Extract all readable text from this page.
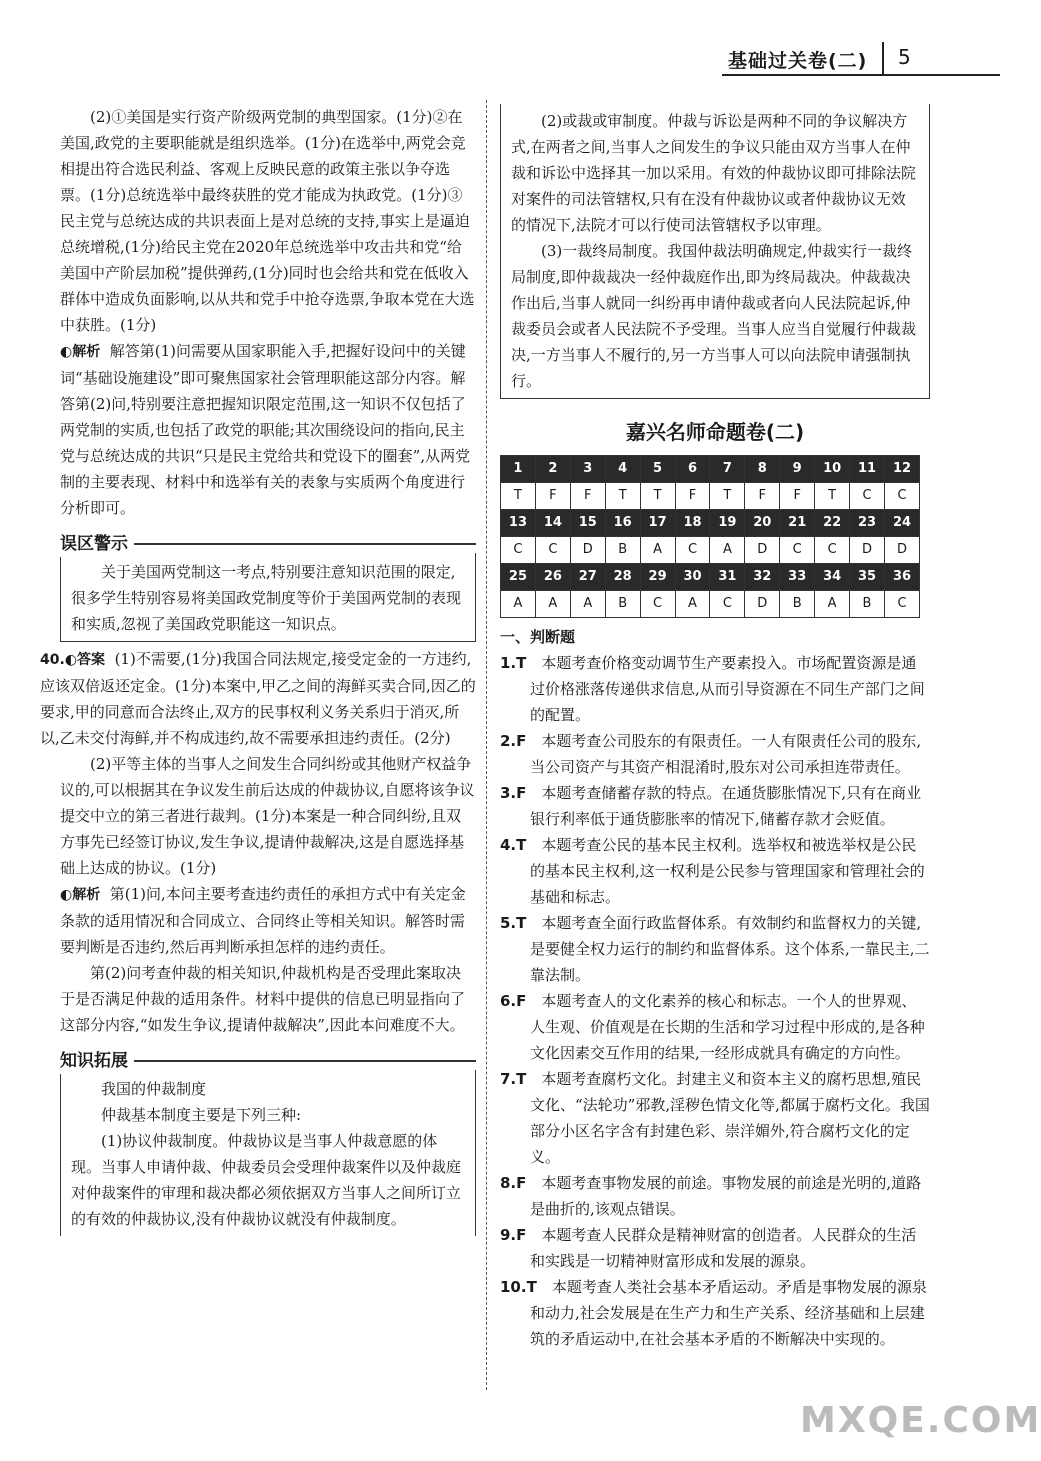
基础过关卷(二) 5

(2)①美国是实行资产阶级两党制的典型国家。(1分)②在美国,政党的主要职能就是组织选举。(1分)在选举中,两党会竞相提出符合选民利益、客观上反映民意的政策主张以争夺选票。(1分)总统选举中最终获胜的党才能成为执政党。(1分)③民主党与总统达成的共识表面上是对总统的支持,事实上是逼迫总统增税,(1分)给民主党在2020年总统选举中攻击共和党“给美国中产阶层加税”提供弹药,(1分)同时也会给共和党在低收入群体中造成负面影响,以从共和党手中抢夺选票,争取本党在大选中获胜。(1分)

◐解析 解答第(1)问需要从国家职能入手,把握好设问中的关键词“基础设施建设”即可聚焦国家社会管理职能这部分内容。解答第(2)问,特别要注意把握知识限定范围,这一知识不仅包括了两党制的实质,也包括了政党的职能;其次围绕设问的指向,民主党与总统达成的共识“只是民主党给共和党设下的圈套”,从两党制的主要表现、材料中和选举有关的表象与实质两个角度进行分析即可。

误区警示

关于美国两党制这一考点,特别要注意知识范围的限定,很多学生特别容易将美国政党制度等价于美国两党制的表现和实质,忽视了美国政党职能这一知识点。

40.◐答案 (1)不需要,(1分)我国合同法规定,接受定金的一方违约,应该双倍返还定金。(1分)本案中,甲乙之间的海鲜买卖合同,因乙的要求,甲的同意而合法终止,双方的民事权利义务关系归于消灭,所以,乙未交付海鲜,并不构成违约,故不需要承担违约责任。(2分)

(2)平等主体的当事人之间发生合同纠纷或其他财产权益争议的,可以根据其在争议发生前后达成的仲裁协议,自愿将该争议提交中立的第三者进行裁判。(1分)本案是一种合同纠纷,且双方事先已经签订协议,发生争议,提请仲裁解决,这是自愿选择基础上达成的协议。(1分)

◐解析 第(1)问,本问主要考查违约责任的承担方式中有关定金条款的适用情况和合同成立、合同终止等相关知识。解答时需要判断是否违约,然后再判断承担怎样的违约责任。

第(2)问考查仲裁的相关知识,仲裁机构是否受理此案取决于是否满足仲裁的适用条件。材料中提供的信息已明显指向了这部分内容,“如发生争议,提请仲裁解决”,因此本问难度不大。

知识拓展

我国的仲裁制度

仲裁基本制度主要是下列三种:

(1)协议仲裁制度。仲裁协议是当事人仲裁意愿的体现。当事人申请仲裁、仲裁委员会受理仲裁案件以及仲裁庭对仲裁案件的审理和裁决都必须依据双方当事人之间所订立的有效的仲裁协议,没有仲裁协议就没有仲裁制度。

(2)或裁或审制度。仲裁与诉讼是两种不同的争议解决方式,在两者之间,当事人之间发生的争议只能由双方当事人在仲裁和诉讼中选择其一加以采用。有效的仲裁协议即可排除法院对案件的司法管辖权,只有在没有仲裁协议或者仲裁协议无效的情况下,法院才可以行使司法管辖权予以审理。

(3)一裁终局制度。我国仲裁法明确规定,仲裁实行一裁终局制度,即仲裁裁决一经仲裁庭作出,即为终局裁决。仲裁裁决作出后,当事人就同一纠纷再申请仲裁或者向人民法院起诉,仲裁委员会或者人民法院不予受理。当事人应当自觉履行仲裁裁决,一方当事人不履行的,另一方当事人可以向法院申请强制执行。

嘉兴名师命题卷(二)
1	2	3	4	5	6	7	8	9	10	11	12
T	F	F	T	T	F	T	F	F	T	C	C
13	14	15	16	17	18	19	20	21	22	23	24
C	C	D	B	A	C	A	D	C	C	D	D
25	26	27	28	29	30	31	32	33	34	35	36
A	A	A	B	C	A	C	D	B	A	B	C
一、判断题

1.T  本题考查价格变动调节生产要素投入。市场配置资源是通过价格涨落传递供求信息,从而引导资源在不同生产部门之间的配置。

2.F  本题考查公司股东的有限责任。一人有限责任公司的股东,当公司资产与其资产相混淆时,股东对公司承担连带责任。

3.F  本题考查储蓄存款的特点。在通货膨胀情况下,只有在商业银行利率低于通货膨胀率的情况下,储蓄存款才会贬值。

4.T  本题考查公民的基本民主权利。选举权和被选举权是公民的基本民主权利,这一权利是公民参与管理国家和管理社会的基础和标志。

5.T  本题考查全面行政监督体系。有效制约和监督权力的关键,是要健全权力运行的制约和监督体系。这个体系,一靠民主,二靠法制。

6.F  本题考查人的文化素养的核心和标志。一个人的世界观、人生观、价值观是在长期的生活和学习过程中形成的,是各种文化因素交互作用的结果,一经形成就具有确定的方向性。

7.T  本题考查腐朽文化。封建主义和资本主义的腐朽思想,殖民文化、“法轮功”邪教,淫秽色情文化等,都属于腐朽文化。我国部分小区名字含有封建色彩、崇洋媚外,符合腐朽文化的定义。

8.F  本题考查事物发展的前途。事物发展的前途是光明的,道路是曲折的,该观点错误。

9.F  本题考查人民群众是精神财富的创造者。人民群众的生活和实践是一切精神财富形成和发展的源泉。

10.T  本题考查人类社会基本矛盾运动。矛盾是事物发展的源泉和动力,社会发展是在生产力和生产关系、经济基础和上层建筑的矛盾运动中,在社会基本矛盾的不断解决中实现的。

MXQE.COM
